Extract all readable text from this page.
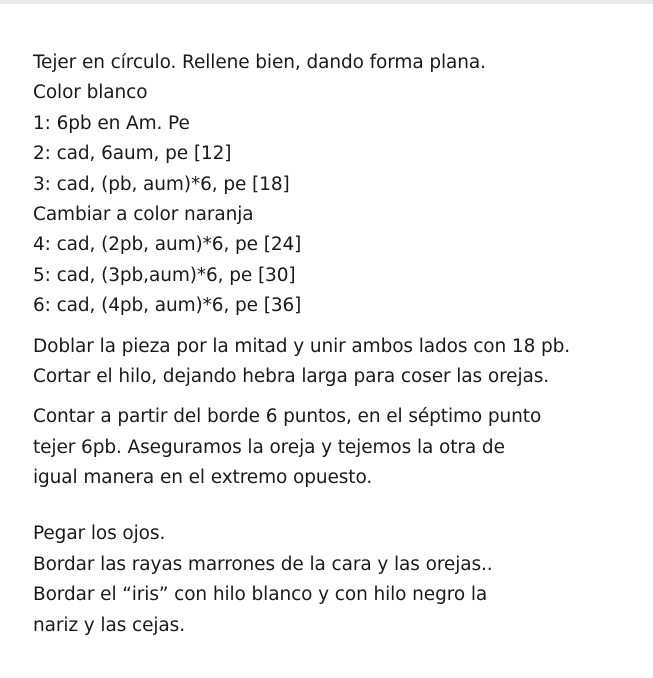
Tejer en círculo. Rellene bien, dando forma plana.
Color blanco
1: 6pb en Am. Pe
2: cad, 6aum, pe [12]
3: cad, (pb, aum)*6, pe [18]
Cambiar a color naranja
4: cad, (2pb, aum)*6, pe [24]
5: cad, (3pb,aum)*6, pe [30]
6: cad, (4pb, aum)*6, pe [36]
Doblar la pieza por la mitad y unir ambos lados con 18 pb.
Cortar el hilo, dejando hebra larga para coser las orejas.
Contar a partir del borde 6 puntos, en el séptimo punto
tejer 6pb. Aseguramos la oreja y tejemos la otra de
igual manera en el extremo opuesto.
Pegar los ojos.
Bordar las rayas marrones de la cara y las orejas..
Bordar el “iris” con hilo blanco y con hilo negro la
nariz y las cejas.
